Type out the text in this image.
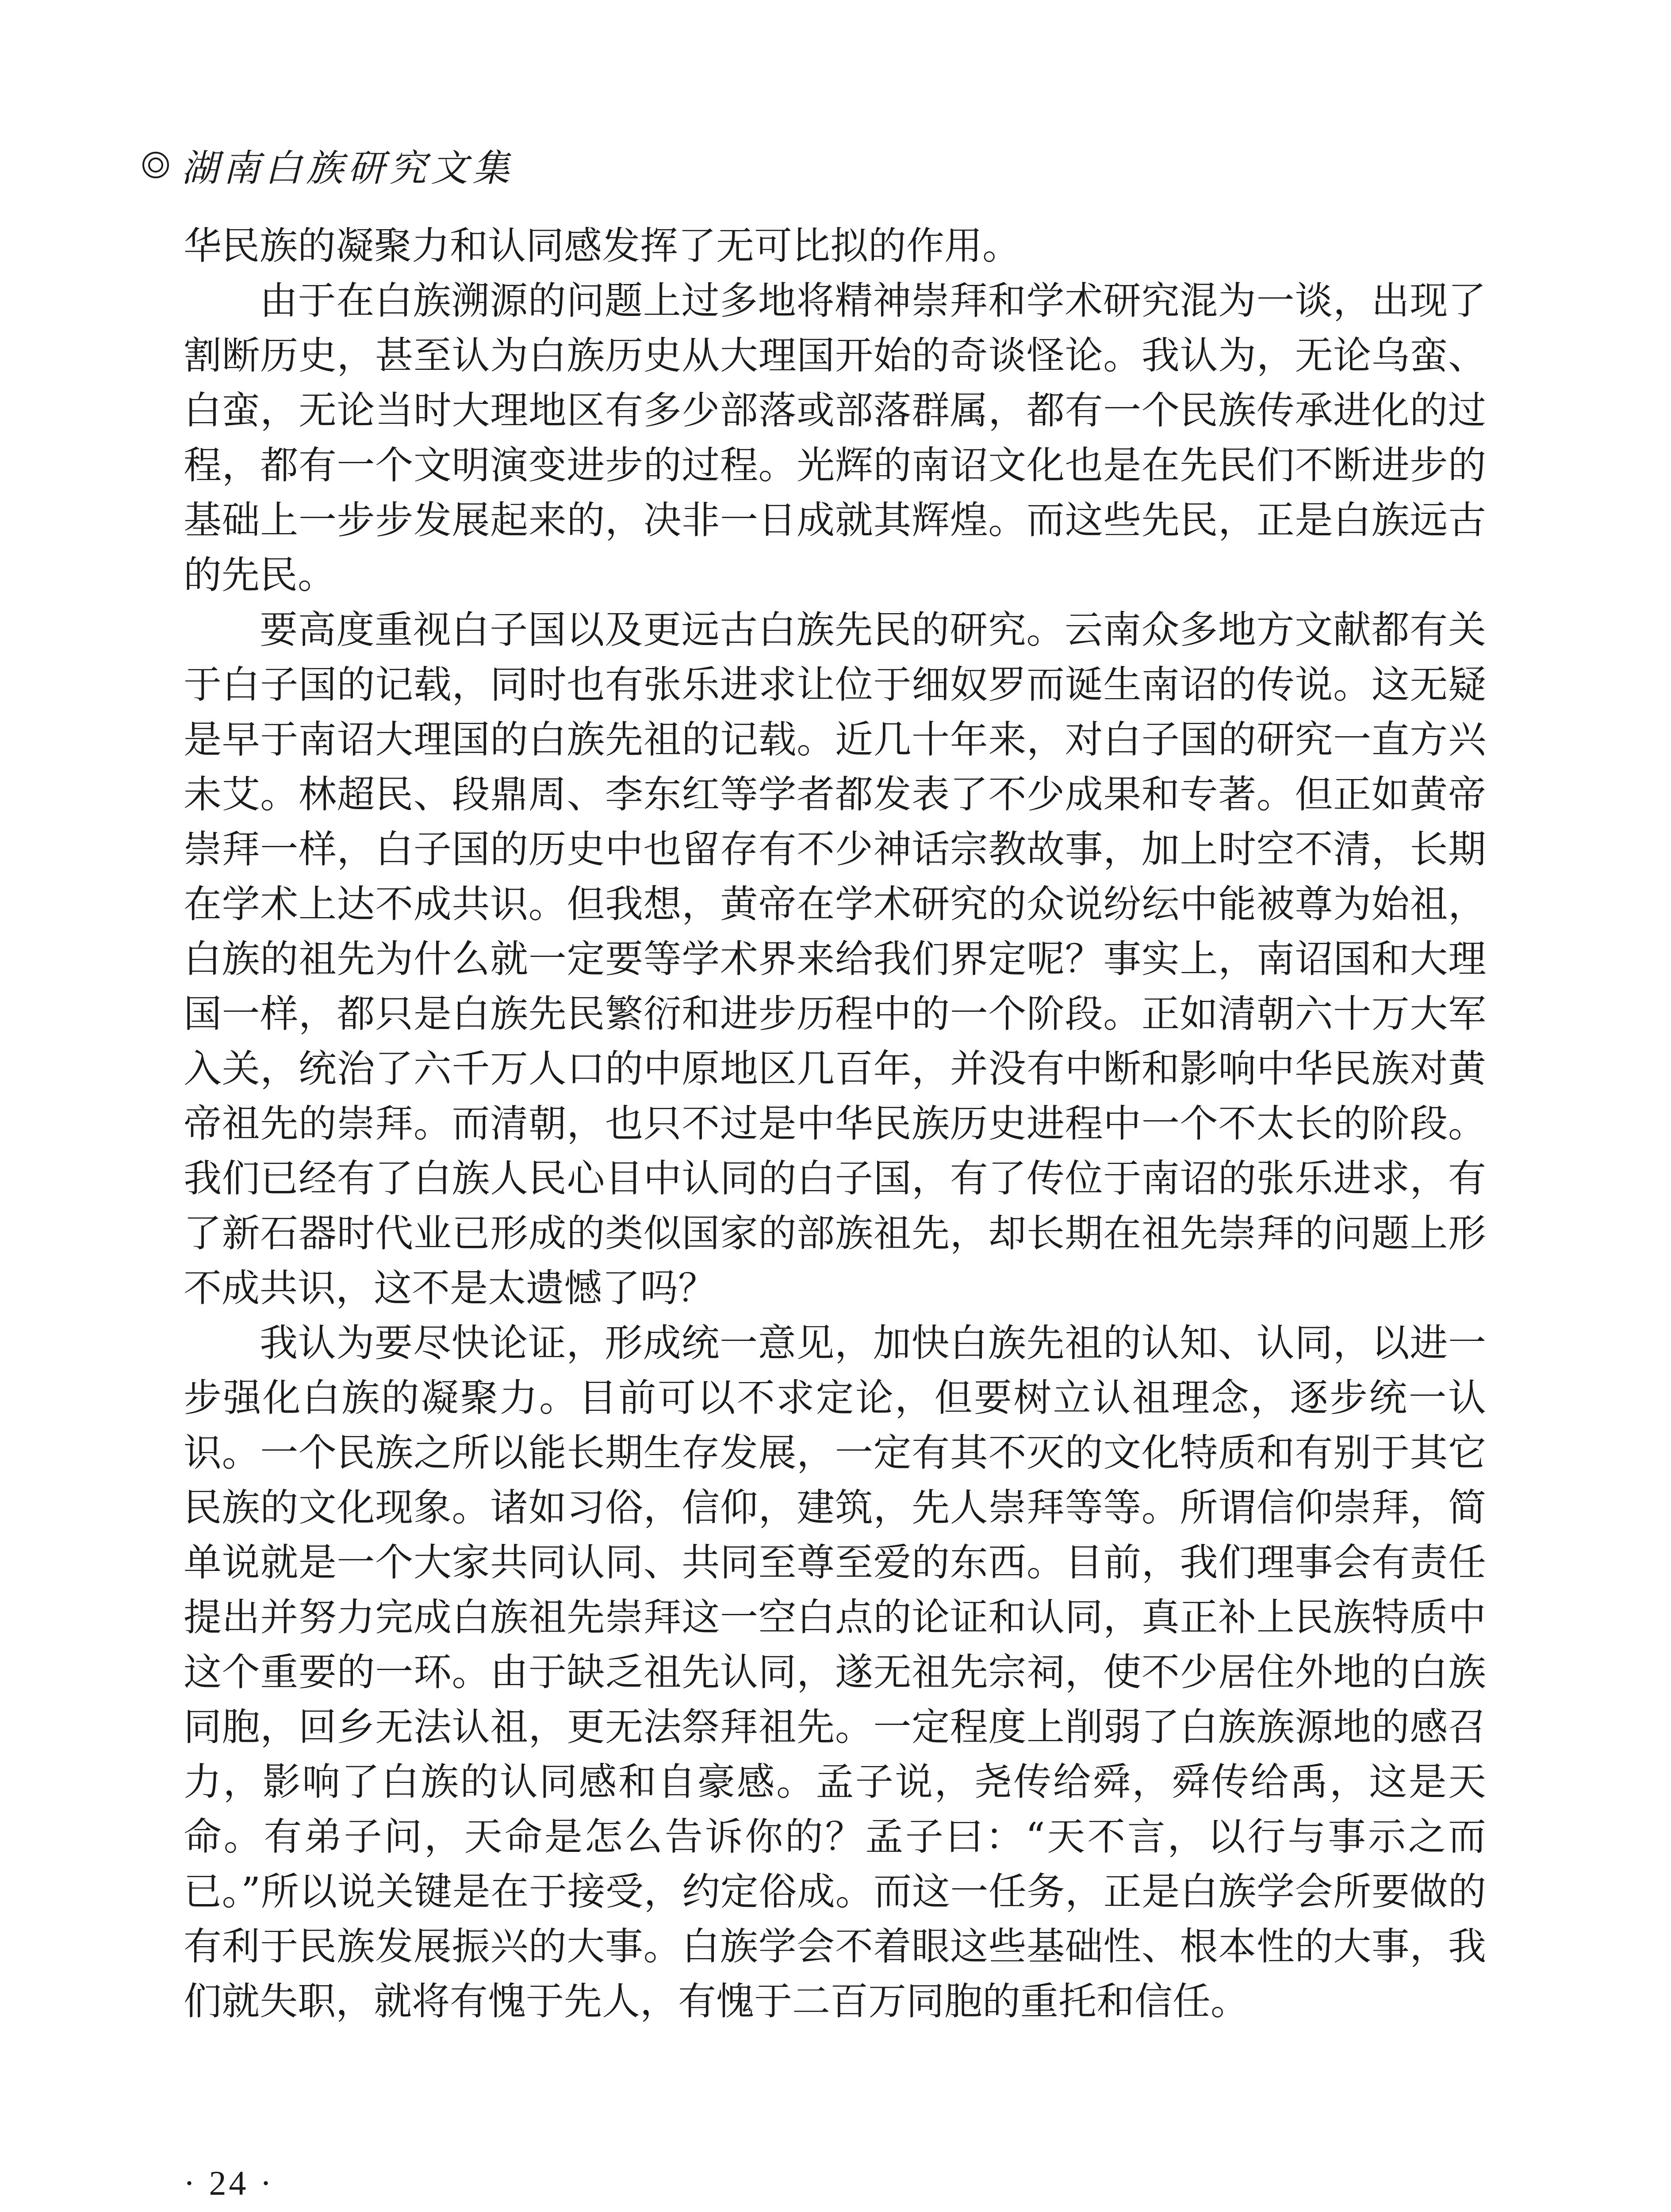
湖南白族研究文集

华民族的凝聚力和认同感发挥了无可比拟的作用。

由于在白族溯源的问题上过多地将精神崇拜和学术研究混为一谈，出现了割断历史，甚至认为白族历史从大理国开始的奇谈怪论。我认为，无论乌蛮、白蛮，无论当时大理地区有多少部落或部落群属，都有一个民族传承进化的过程，都有一个文明演变进步的过程。光辉的南诏文化也是在先民们不断进步的基础上一步步发展起来的，决非一日成就其辉煌。而这些先民，正是白族远古的先民。

要高度重视白子国以及更远古白族先民的研究。云南众多地方文献都有关于白子国的记载，同时也有张乐进求让位于细奴罗而诞生南诏的传说。这无疑是早于南诏大理国的白族先祖的记载。近几十年来，对白子国的研究一直方兴未艾。林超民、段鼎周、李东红等学者都发表了不少成果和专著。但正如黄帝崇拜一样，白子国的历史中也留存有不少神话宗教故事，加上时空不清，长期在学术上达不成共识。但我想，黄帝在学术研究的众说纷纭中能被尊为始祖，白族的祖先为什么就一定要等学术界来给我们界定呢？事实上，南诏国和大理国一样，都只是白族先民繁衍和进步历程中的一个阶段。正如清朝六十万大军入关，统治了六千万人口的中原地区几百年，并没有中断和影响中华民族对黄帝祖先的崇拜。而清朝，也只不过是中华民族历史进程中一个不太长的阶段。我们已经有了白族人民心目中认同的白子国，有了传位于南诏的张乐进求，有了新石器时代业已形成的类似国家的部族祖先，却长期在祖先崇拜的问题上形不成共识，这不是太遗憾了吗？

我认为要尽快论证，形成统一意见，加快白族先祖的认知、认同，以进一步强化白族的凝聚力。目前可以不求定论，但要树立认祖理念，逐步统一认识。一个民族之所以能长期生存发展，一定有其不灭的文化特质和有别于其它民族的文化现象。诸如习俗，信仰，建筑，先人崇拜等等。所谓信仰崇拜，简单说就是一个大家共同认同、共同至尊至爱的东西。目前，我们理事会有责任提出并努力完成白族祖先崇拜这一空白点的论证和认同，真正补上民族特质中这个重要的一环。由于缺乏祖先认同，遂无祖先宗祠，使不少居住外地的白族同胞，回乡无法认祖，更无法祭拜祖先。一定程度上削弱了白族族源地的感召力，影响了白族的认同感和自豪感。孟子说，尧传给舜，舜传给禹，这是天命。有弟子问，天命是怎么告诉你的？孟子曰：“天不言，以行与事示之而已。”所以说关键是在于接受，约定俗成。而这一任务，正是白族学会所要做的有利于民族发展振兴的大事。白族学会不着眼这些基础性、根本性的大事，我们就失职，就将有愧于先人，有愧于二百万同胞的重托和信任。

· 24 ·
